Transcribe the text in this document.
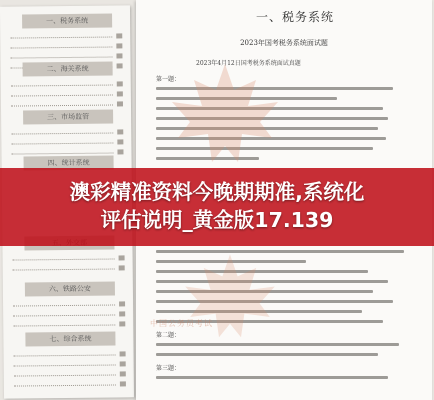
一、税务系统
二、海关系统
三、市场监管
四、统计系统
六、铁路公安
七、综合系统
一、税务系统
2023年国考税务系统面试题
2023年4月12日国考税务系统面试真题
第一题：
第二题：
第三题：
中国公务员考试
澳彩精准资料今晚期期准,系统化
评估说明_黄金版17.139
